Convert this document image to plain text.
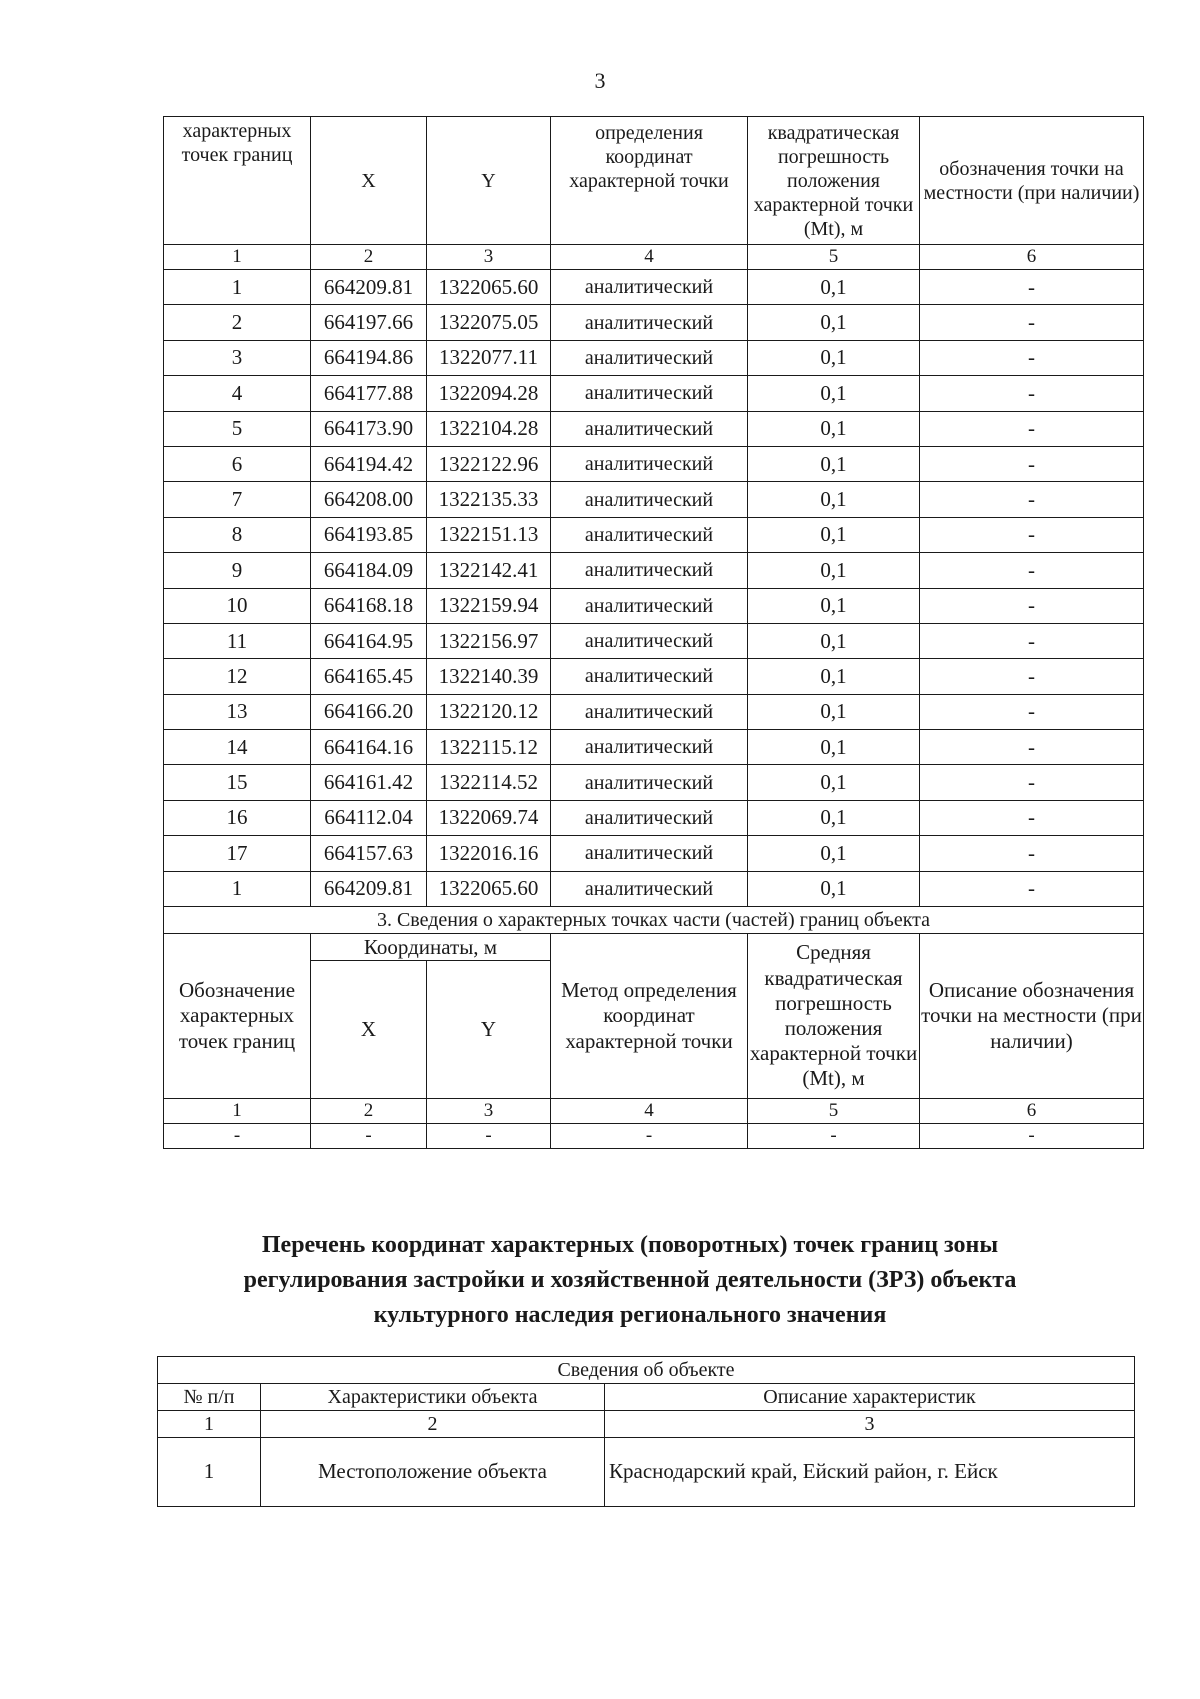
3
характерных точек границ	X	Y	определения координат характерной точки	квадратическая погрешность положения характерной точки (Mt), м	обозначения точки на местности (при наличии)
1	2	3	4	5	6
1	664209.81	1322065.60	аналитический	0,1	-
2	664197.66	1322075.05	аналитический	0,1	-
3	664194.86	1322077.11	аналитический	0,1	-
4	664177.88	1322094.28	аналитический	0,1	-
5	664173.90	1322104.28	аналитический	0,1	-
6	664194.42	1322122.96	аналитический	0,1	-
7	664208.00	1322135.33	аналитический	0,1	-
8	664193.85	1322151.13	аналитический	0,1	-
9	664184.09	1322142.41	аналитический	0,1	-
10	664168.18	1322159.94	аналитический	0,1	-
11	664164.95	1322156.97	аналитический	0,1	-
12	664165.45	1322140.39	аналитический	0,1	-
13	664166.20	1322120.12	аналитический	0,1	-
14	664164.16	1322115.12	аналитический	0,1	-
15	664161.42	1322114.52	аналитический	0,1	-
16	664112.04	1322069.74	аналитический	0,1	-
17	664157.63	1322016.16	аналитический	0,1	-
1	664209.81	1322065.60	аналитический	0,1	-
3. Сведения о характерных точках части (частей) границ объекта					
Обозначение характерных точек границ	Координаты, м		Метод определения координат характерной точки	Средняя квадратическая погрешность положения характерной точки (Mt), м	Описание обозначения точки на местности (при наличии)
	X	Y			
1	2	3	4	5	6
-	-	-	-	-	-
Перечень координат характерных (поворотных) точек границ зоны
регулирования застройки и хозяйственной деятельности (ЗРЗ) объекта
культурного наследия регионального значения
Сведения об объекте		
№ п/п	Характеристики объекта	Описание характеристик
1	2	3
1	Местоположение объекта	Краснодарский край, Ейский район, г. Ейск
